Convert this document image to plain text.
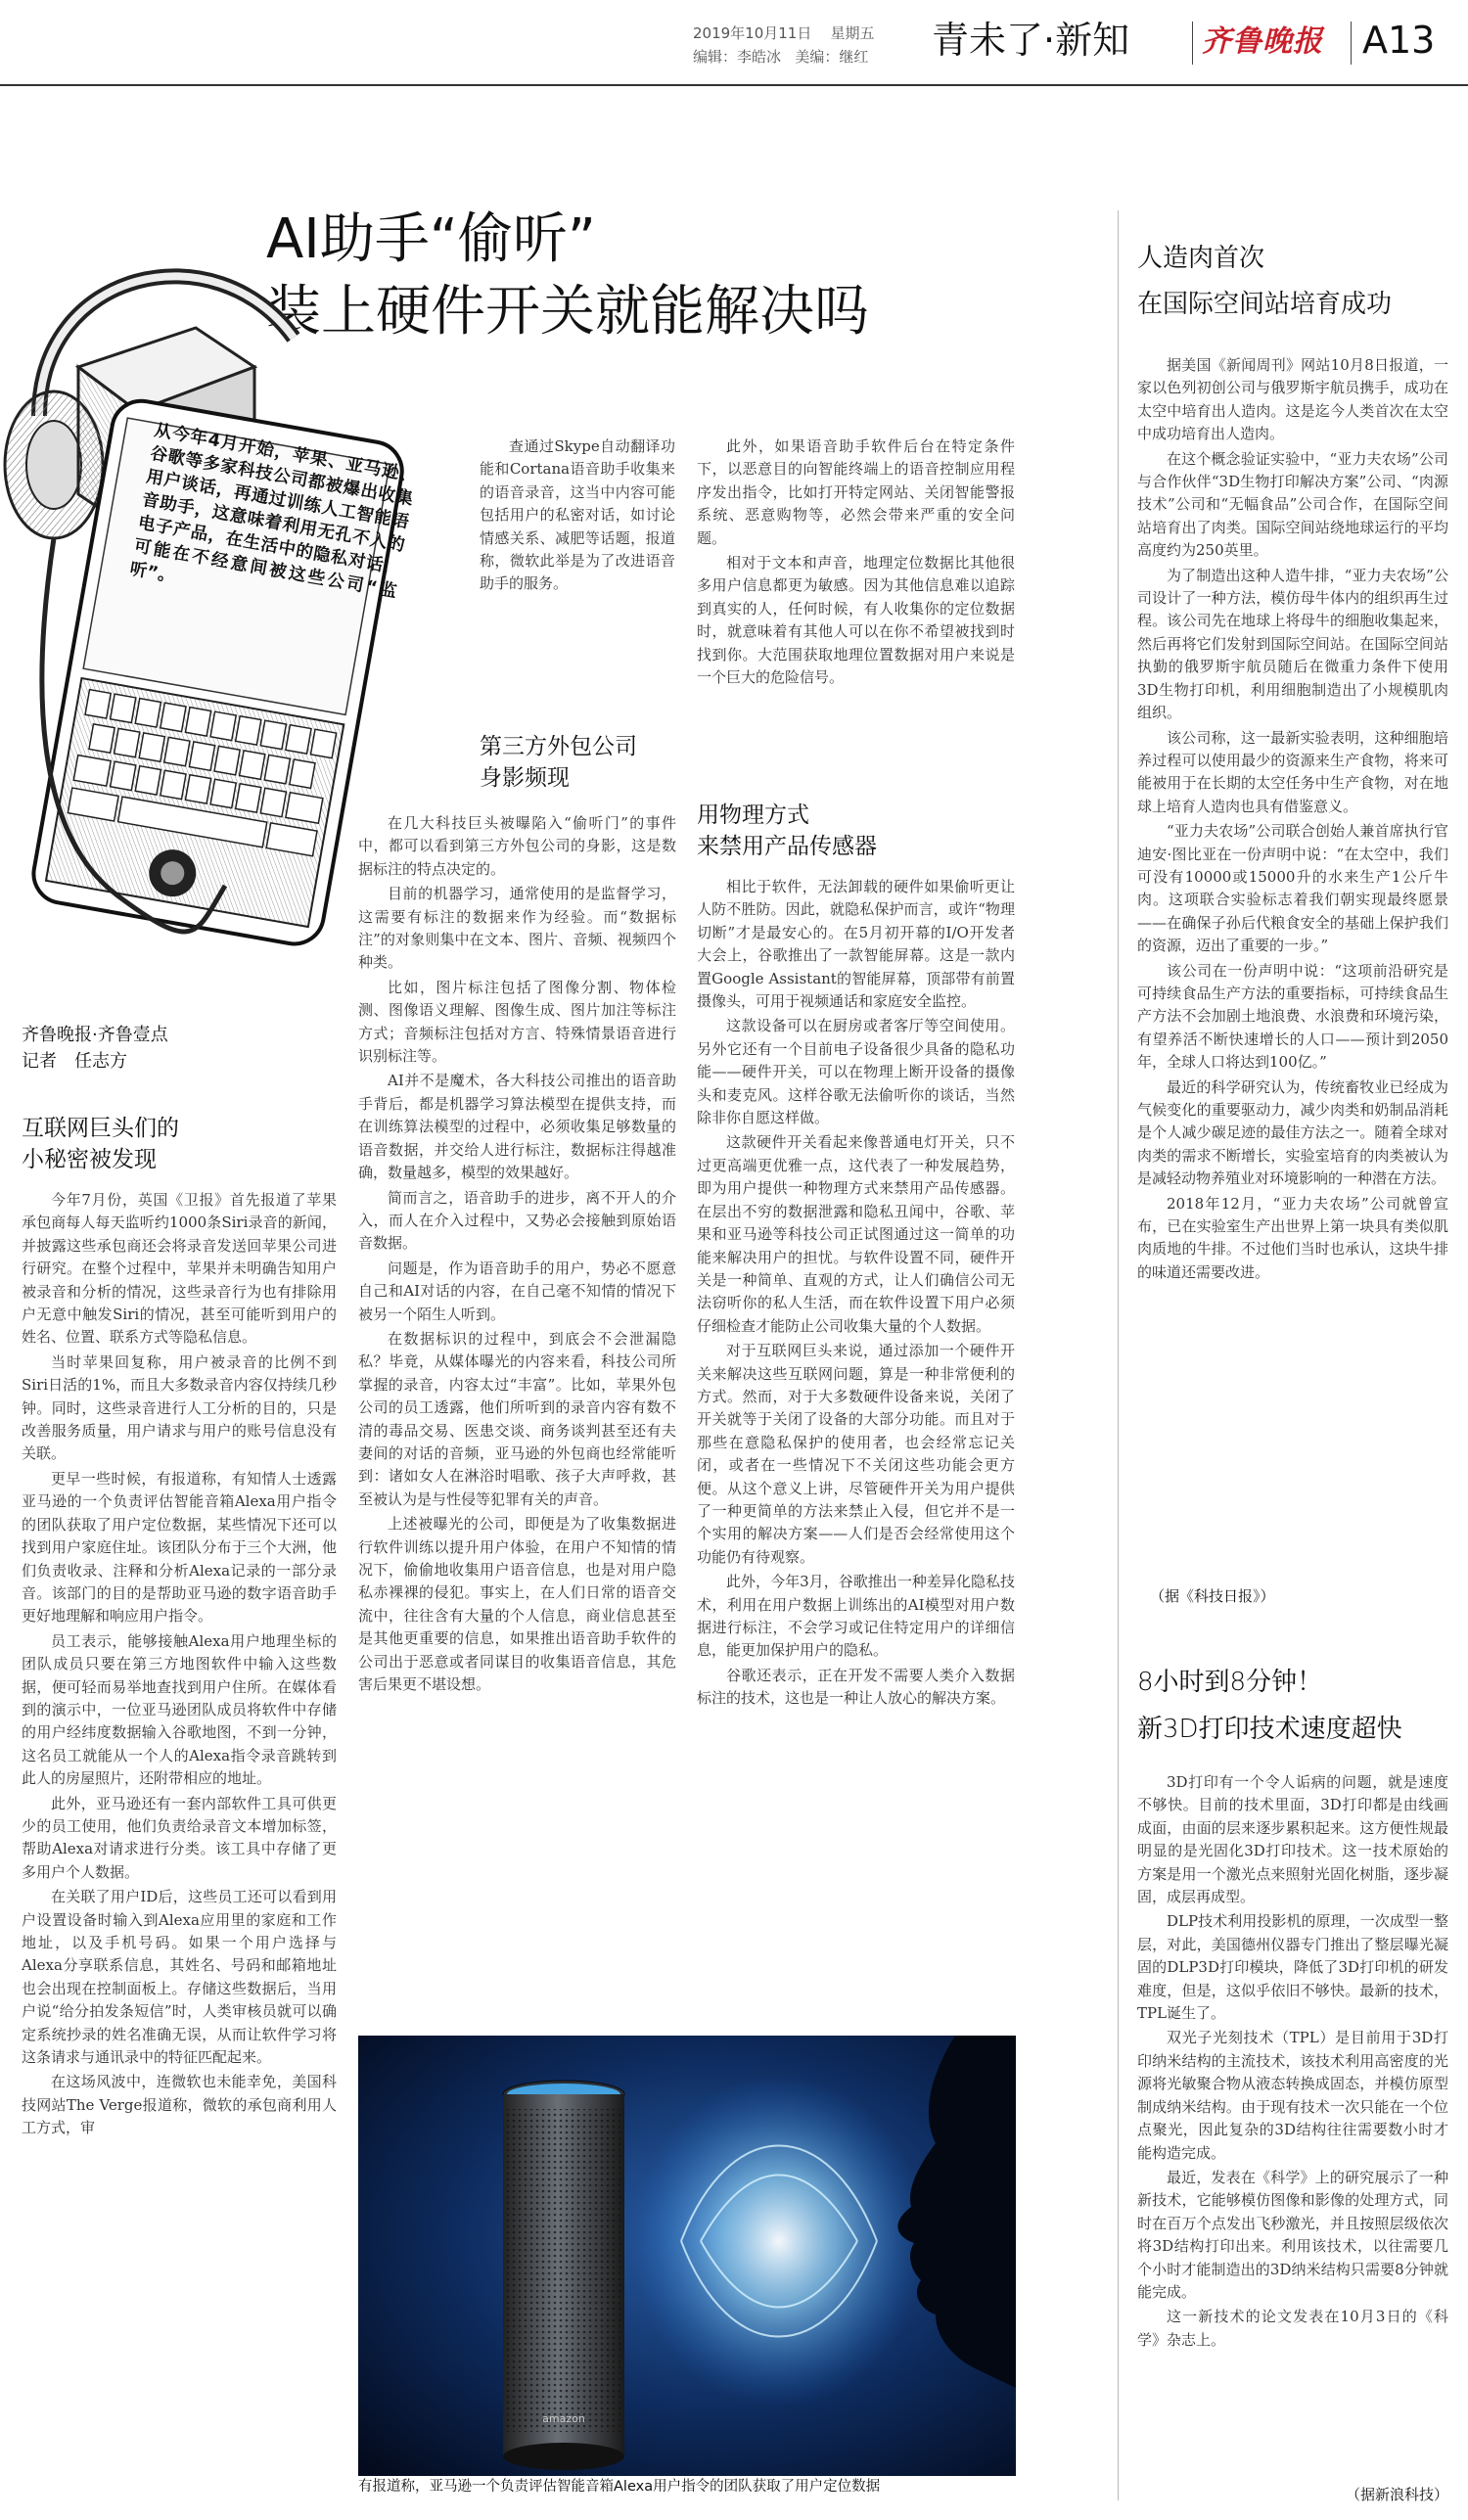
2019年10月11日 星期五
编辑：李皓冰 美编：继红 青未了·新知 齐鲁晚报 A13
AI助手“偷听”
装上硬件开关就能解决吗
从今年4月开始，苹果、亚马逊、谷歌等多家科技公司都被爆出收集用户谈话，再通过训练人工智能语音助手，这意味着利用无孔不入的电子产品，在生活中的隐私对话，可能在不经意间被这些公司“监听”。
齐鲁晚报·齐鲁壹点
记者　任志方
互联网巨头们的
小秘密被发现

今年7月份，英国《卫报》首先报道了苹果承包商每人每天监听约1000条Siri录音的新闻，并披露这些承包商还会将录音发送回苹果公司进行研究。在整个过程中，苹果并未明确告知用户被录音和分析的情况，这些录音行为也有排除用户无意中触发Siri的情况，甚至可能听到用户的姓名、位置、联系方式等隐私信息。

当时苹果回复称，用户被录音的比例不到Siri日活的1%，而且大多数录音内容仅持续几秒钟。同时，这些录音进行人工分析的目的，只是改善服务质量，用户请求与用户的账号信息没有关联。

更早一些时候，有报道称，有知情人士透露亚马逊的一个负责评估智能音箱Alexa用户指令的团队获取了用户定位数据，某些情况下还可以找到用户家庭住址。该团队分布于三个大洲，他们负责收录、注释和分析Alexa记录的一部分录音。该部门的目的是帮助亚马逊的数字语音助手更好地理解和响应用户指令。

员工表示，能够接触Alexa用户地理坐标的团队成员只要在第三方地图软件中输入这些数据，便可轻而易举地查找到用户住所。在媒体看到的演示中，一位亚马逊团队成员将软件中存储的用户经纬度数据输入谷歌地图，不到一分钟，这名员工就能从一个人的Alexa指令录音跳转到此人的房屋照片，还附带相应的地址。

此外，亚马逊还有一套内部软件工具可供更少的员工使用，他们负责给录音文本增加标签，帮助Alexa对请求进行分类。该工具中存储了更多用户个人数据。

在关联了用户ID后，这些员工还可以看到用户设置设备时输入到Alexa应用里的家庭和工作地址，以及手机号码。如果一个用户选择与Alexa分享联系信息，其姓名、号码和邮箱地址也会出现在控制面板上。存储这些数据后，当用户说“给分拍发条短信”时，人类审核员就可以确定系统抄录的姓名准确无误，从而让软件学习将这条请求与通讯录中的特征匹配起来。

在这场风波中，连微软也未能幸免，美国科技网站The Verge报道称，微软的承包商利用人工方式，审

查通过Skype自动翻译功能和Cortana语音助手收集来的语音录音，这当中内容可能包括用户的私密对话，如讨论情感关系、减肥等话题，报道称，微软此举是为了改进语音助手的服务。

第三方外包公司
身影频现

在几大科技巨头被曝陷入“偷听门”的事件中，都可以看到第三方外包公司的身影，这是数据标注的特点决定的。

目前的机器学习，通常使用的是监督学习，这需要有标注的数据来作为经验。而“数据标注”的对象则集中在文本、图片、音频、视频四个种类。

比如，图片标注包括了图像分割、物体检测、图像语义理解、图像生成、图片加注等标注方式；音频标注包括对方言、特殊情景语音进行识别标注等。

AI并不是魔术，各大科技公司推出的语音助手背后，都是机器学习算法模型在提供支持，而在训练算法模型的过程中，必须收集足够数量的语音数据，并交给人进行标注，数据标注得越准确，数量越多，模型的效果越好。

简而言之，语音助手的进步，离不开人的介入，而人在介入过程中，又势必会接触到原始语音数据。

问题是，作为语音助手的用户，势必不愿意自己和AI对话的内容，在自己毫不知情的情况下被另一个陌生人听到。

在数据标识的过程中，到底会不会泄漏隐私？毕竟，从媒体曝光的内容来看，科技公司所掌握的录音，内容太过“丰富”。比如，苹果外包公司的员工透露，他们所听到的录音内容有数不清的毒品交易、医患交谈、商务谈判甚至还有夫妻间的对话的音频，亚马逊的外包商也经常能听到：诸如女人在淋浴时唱歌、孩子大声呼救，甚至被认为是与性侵等犯罪有关的声音。

上述被曝光的公司，即便是为了收集数据进行软件训练以提升用户体验，在用户不知情的情况下，偷偷地收集用户语音信息，也是对用户隐私赤裸裸的侵犯。事实上，在人们日常的语音交流中，往往含有大量的个人信息，商业信息甚至是其他更重要的信息，如果推出语音助手软件的公司出于恶意或者同谋目的收集语音信息，其危害后果更不堪设想。

此外，如果语音助手软件后台在特定条件下，以恶意目的向智能终端上的语音控制应用程序发出指令，比如打开特定网站、关闭智能警报系统、恶意购物等，必然会带来严重的安全问题。

相对于文本和声音，地理定位数据比其他很多用户信息都更为敏感。因为其他信息难以追踪到真实的人，任何时候，有人收集你的定位数据时，就意味着有其他人可以在你不希望被找到时找到你。大范围获取地理位置数据对用户来说是一个巨大的危险信号。

用物理方式
来禁用产品传感器

相比于软件，无法卸载的硬件如果偷听更让人防不胜防。因此，就隐私保护而言，或许“物理切断”才是最安心的。在5月初开幕的I/O开发者大会上，谷歌推出了一款智能屏幕。这是一款内置Google Assistant的智能屏幕，顶部带有前置摄像头，可用于视频通话和家庭安全监控。

这款设备可以在厨房或者客厅等空间使用。另外它还有一个目前电子设备很少具备的隐私功能——硬件开关，可以在物理上断开设备的摄像头和麦克风。这样谷歌无法偷听你的谈话，当然除非你自愿这样做。

这款硬件开关看起来像普通电灯开关，只不过更高端更优雅一点，这代表了一种发展趋势，即为用户提供一种物理方式来禁用产品传感器。在层出不穷的数据泄露和隐私丑闻中，谷歌、苹果和亚马逊等科技公司正试图通过这一简单的功能来解决用户的担忧。与软件设置不同，硬件开关是一种简单、直观的方式，让人们确信公司无法窃听你的私人生活，而在软件设置下用户必须仔细检查才能防止公司收集大量的个人数据。

对于互联网巨头来说，通过添加一个硬件开关来解决这些互联网问题，算是一种非常便利的方式。然而，对于大多数硬件设备来说，关闭了开关就等于关闭了设备的大部分功能。而且对于那些在意隐私保护的使用者，也会经常忘记关闭，或者在一些情况下不关闭这些功能会更方便。从这个意义上讲，尽管硬件开关为用户提供了一种更简单的方法来禁止入侵，但它并不是一个实用的解决方案——人们是否会经常使用这个功能仍有待观察。

此外，今年3月，谷歌推出一种差异化隐私技术，利用在用户数据上训练出的AI模型对用户数据进行标注，不会学习或记住特定用户的详细信息，能更加保护用户的隐私。

谷歌还表示，正在开发不需要人类介入数据标注的技术，这也是一种让人放心的解决方案。

amazon
有报道称，亚马逊一个负责评估智能音箱Alexa用户指令的团队获取了用户定位数据
人造肉首次
在国际空间站培育成功

据美国《新闻周刊》网站10月8日报道，一家以色列初创公司与俄罗斯宇航员携手，成功在太空中培育出人造肉。这是迄今人类首次在太空中成功培育出人造肉。

在这个概念验证实验中，“亚力夫农场”公司与合作伙伴“3D生物打印解决方案”公司、“肉源技术”公司和“无幅食品”公司合作，在国际空间站培育出了肉类。国际空间站绕地球运行的平均高度约为250英里。

为了制造出这种人造牛排，“亚力夫农场”公司设计了一种方法，模仿母牛体内的组织再生过程。该公司先在地球上将母牛的细胞收集起来，然后再将它们发射到国际空间站。在国际空间站执勤的俄罗斯宇航员随后在微重力条件下使用3D生物打印机，利用细胞制造出了小规模肌肉组织。

该公司称，这一最新实验表明，这种细胞培养过程可以使用最少的资源来生产食物，将来可能被用于在长期的太空任务中生产食物，对在地球上培育人造肉也具有借鉴意义。

“亚力夫农场”公司联合创始人兼首席执行官迪安·图比亚在一份声明中说：“在太空中，我们可没有10000或15000升的水来生产1公斤牛肉。这项联合实验标志着我们朝实现最终愿景——在确保子孙后代粮食安全的基础上保护我们的资源，迈出了重要的一步。”

该公司在一份声明中说：“这项前沿研究是可持续食品生产方法的重要指标，可持续食品生产方法不会加剧土地浪费、水浪费和环境污染，有望养活不断快速增长的人口——预计到2050年，全球人口将达到100亿。”

最近的科学研究认为，传统畜牧业已经成为气候变化的重要驱动力，减少肉类和奶制品消耗是个人减少碳足迹的最佳方法之一。随着全球对肉类的需求不断增长，实验室培育的肉类被认为是减轻动物养殖业对环境影响的一种潜在方法。

2018年12月，“亚力夫农场”公司就曾宣布，已在实验室生产出世界上第一块具有类似肌肉质地的牛排。不过他们当时也承认，这块牛排的味道还需要改进。

（据《科技日报》）
8小时到8分钟！
新3D打印技术速度超快

3D打印有一个令人诟病的问题，就是速度不够快。目前的技术里面，3D打印都是由线画成面，由面的层来逐步累积起来。这方便性规最明显的是光固化3D打印技术。这一技术原始的方案是用一个激光点来照射光固化树脂，逐步凝固，成层再成型。

DLP技术利用投影机的原理，一次成型一整层，对此，美国德州仪器专门推出了整层曝光凝固的DLP3D打印模块，降低了3D打印机的研发难度，但是，这似乎依旧不够快。最新的技术，TPL诞生了。

双光子光刻技术（TPL）是目前用于3D打印纳米结构的主流技术，该技术利用高密度的光源将光敏聚合物从液态转换成固态，并模仿原型制成纳米结构。由于现有技术一次只能在一个位点聚光，因此复杂的3D结构往往需要数小时才能构造完成。

最近，发表在《科学》上的研究展示了一种新技术，它能够模仿图像和影像的处理方式，同时在百万个点发出飞秒激光，并且按照层级依次将3D结构打印出来。利用该技术，以往需要几个小时才能制造出的3D纳米结构只需要8分钟就能完成。

这一新技术的论文发表在10月3日的《科学》杂志上。

（据新浪科技）
